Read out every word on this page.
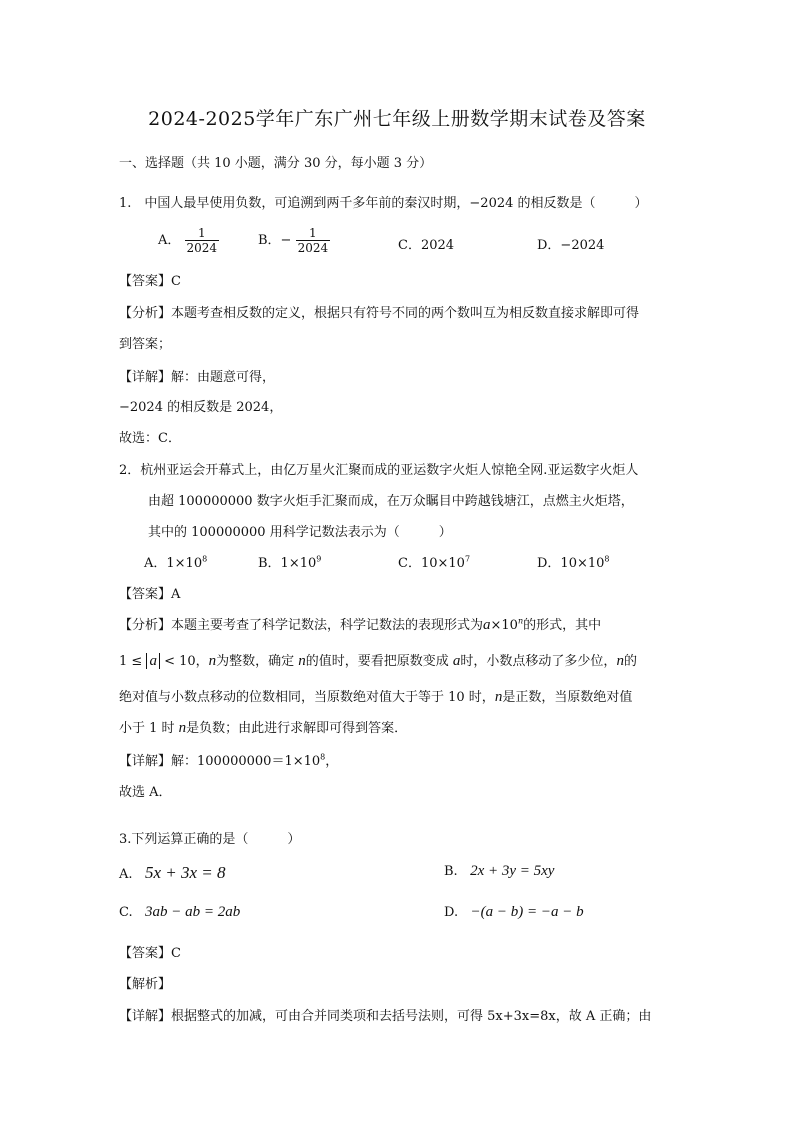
2024-2025学年广东广州七年级上册数学期末试卷及答案
一、选择题（共 10 小题，满分 30 分，每小题 3 分）
1.　中国人最早使用负数，可追溯到两千多年前的秦汉时期，−2024 的相反数是（　　　）
A． $\frac{1}{2024}$	B．− $\frac{1}{2024}$	C．2024	D．−2024
【答案】C
【分析】本题考查相反数的定义，根据只有符号不同的两个数叫互为相反数直接求解即可得
到答案；
【详解】解：由题意可得，
−2024 的相反数是 2024，
故选：C．
2．杭州亚运会开幕式上，由亿万星火汇聚而成的亚运数字火炬人惊艳全网.亚运数字火炬人
由超 100000000 数字火炬手汇聚而成，在万众瞩目中跨越钱塘江，点燃主火炬塔，
其中的 100000000 用科学记数法表示为（　　　）
A．$1\times 10^8$	B．$1\times 10^9$	C．$10\times 10^7$	D．$10\times 10^8$
【答案】A
【分析】本题主要考查了科学记数法，科学记数法的表现形式为$a\times 10^n$的形式，其中
1 ≤ a < 10，n为整数，确定 n的值时，要看把原数变成 a时，小数点移动了多少位，n的
绝对值与小数点移动的位数相同，当原数绝对值大于等于 10 时，n是正数，当原数绝对值
小于 1 时 n是负数；由此进行求解即可得到答案．
【详解】解：$100000000=1\times 10^8$，
故选 A．
3.下列运算正确的是（　　　）
A. 5x + 3x = 8	B. 2x + 3y = 5xy
C. 3ab − ab = 2ab	D. −(a − b) = −a − b
【答案】C
【解析】
【详解】根据整式的加减，可由合并同类项和去括号法则，可得 5x+3x=8x，故 A 正确；由
